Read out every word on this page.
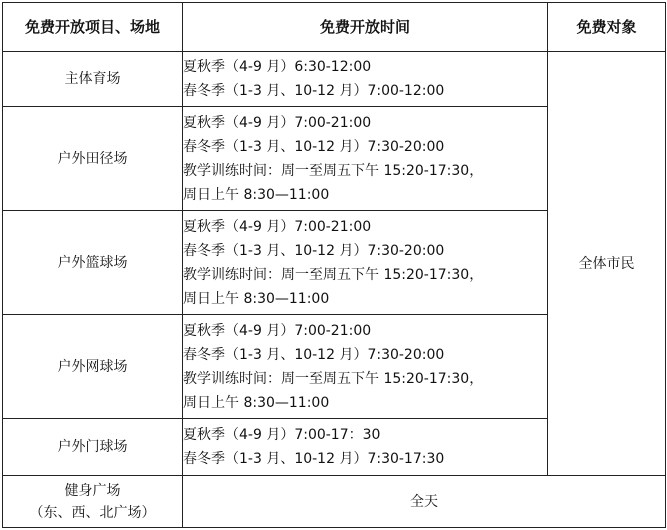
免费开放项目、场地	免费开放时间	免费对象
主体育场	夏秋季（4-9 月）6:30-12:00
春冬季（1-3 月、10-12 月）7:00-12:00	全体市民
户外田径场	夏秋季（4-9 月）7:00-21:00
春冬季（1-3 月、10-12 月）7:30-20:00
教学训练时间：周一至周五下午 15:20-17:30，
周日上午 8:30—11:00	

户外篮球场	夏秋季（4-9 月）7:00-21:00
春冬季（1-3 月、10-12 月）7:30-20:00
教学训练时间：周一至周五下午 15:20-17:30，
周日上午 8:30—11:00	

户外网球场	夏秋季（4-9 月）7:00-21:00
春冬季（1-3 月、10-12 月）7:30-20:00
教学训练时间：周一至周五下午 15:20-17:30，
周日上午 8:30—11:00	

户外门球场	夏秋季（4-9 月）7:00-17：30
春冬季（1-3 月、10-12 月）7:30-17:30	

健身广场
（东、西、北广场）	全天	
